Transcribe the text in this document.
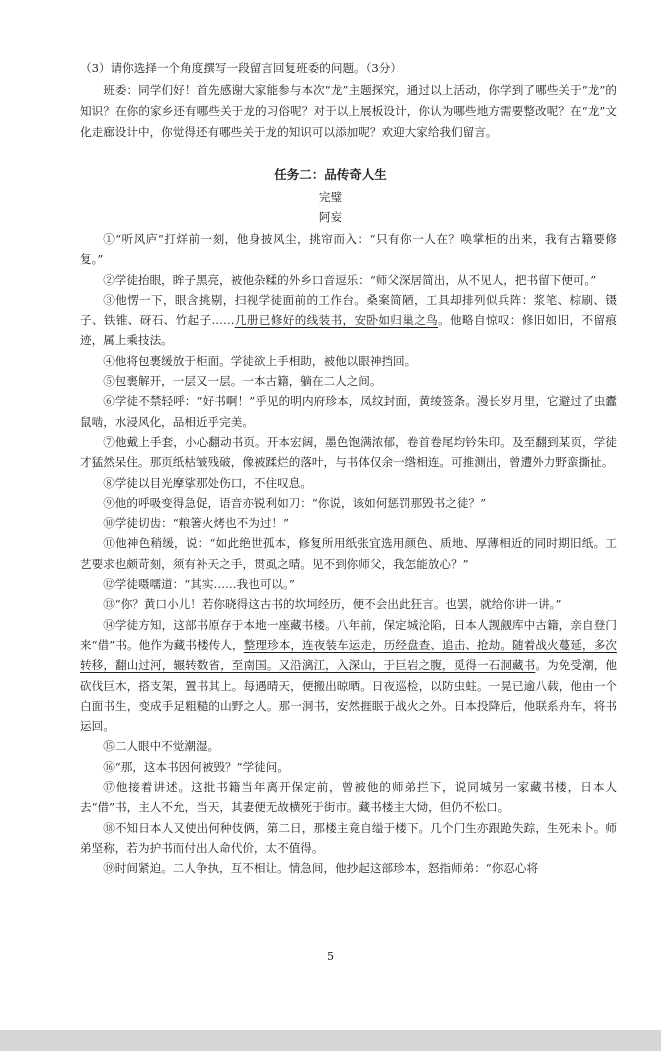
（3）请你选择一个角度撰写一段留言回复班委的问题。（3分）

班委：同学们好！首先感谢大家能参与本次“龙”主题探究，通过以上活动，你学到了哪些关于“龙”的知识？在你的家乡还有哪些关于龙的习俗呢？对于以上展板设计，你认为哪些地方需要整改呢？在“龙”文化走廊设计中，你觉得还有哪些关于龙的知识可以添加呢？欢迎大家给我们留言。

任务二：品传奇人生
完璧
阿妄

①“听风庐”打烊前一刻，他身披风尘，挑帘而入：“只有你一人在？唤掌柜的出来，我有古籍要修复。”

②学徒抬眼，眸子黑亮，被他杂糅的外乡口音逗乐：“师父深居简出，从不见人，把书留下便可。”

③他愣一下，眼含挑剔，扫视学徒面前的工作台。桑案简陋，工具却排列似兵阵：浆笔、棕刷、镊子、铁锥、砑石、竹起子……几册已修好的线装书，安卧如归巢之鸟。他略自惊叹：修旧如旧，不留痕迹，属上乘技法。

④他将包裹缓放于柜面。学徒欲上手相助，被他以眼神挡回。

⑤包裹解开，一层又一层。一本古籍，躺在二人之间。

⑥学徒不禁轻呼：“好书啊！”乎见的明内府珍本，凤纹封面，黄绫签条。漫长岁月里，它避过了虫蠹鼠啮，水浸风化，品相近乎完美。

⑦他戴上手套，小心翻动书页。开本宏阔，墨色饱满浓郁，卷首卷尾均钤朱印。及至翻到某页，学徒才猛然呆住。那页纸枯皱残破，像被蹂烂的落叶，与书体仅余一绺相连。可推测出，曾遭外力野蛮撕扯。

⑧学徒以目光摩挲那处伤口，不住叹息。

⑨他的呼吸变得急促，语音亦锐利如刀：“你说，该如何惩罚那毁书之徒？”

⑩学徒切齿：“粮箸火烤也不为过！”

⑪他神色稍缓，说：“如此绝世孤本，修复所用纸张宜选用颜色、质地、厚薄相近的同时期旧纸。工艺要求也颇苛刻，须有补天之手，贯虱之晴。见不到你师父，我怎能放心？”

⑫学徒嗫嚅道：“其实……我也可以。”

⑬“你？黄口小儿！若你晓得这古书的坎坷经历，便不会出此狂言。也罢，就给你讲一讲。”

⑭学徒方知，这部书原存于本地一座藏书楼。八年前，保定城沦陷，日本人觊觎库中古籍，亲自登门来“借”书。他作为藏书楼传人，整理珍本，连夜装车运走，历经盘查、追击、抢劫。随着战火蔓延，多次转移，翻山过河，辗转数省，至南国。又沿漓江，入深山，于巨岩之腹，觅得一石洞藏书。为免受潮，他砍伐巨木，搭支架，置书其上。每遇晴天，便搬出晾晒。日夜巡检，以防虫蛀。一晃已逾八载，他由一个白面书生，变成手足粗糙的山野之人。那一洞书，安然捱眠于战火之外。日本投降后，他联系舟车，将书运回。

⑮二人眼中不觉潮湿。

⑯“那，这本书因何被毁？”学徒问。

⑰他接着讲述。这批书籍当年离开保定前，曾被他的师弟拦下，说同城另一家藏书楼，日本人去“借”书，主人不允，当天，其妻便无故横死于街市。藏书楼主大恸，但仍不松口。

⑱不知日本人又使出何种伎俩，第二日，那楼主竟自缢于楼下。几个门生亦跟跄失踪，生死未卜。师弟坚称，若为护书而付出人命代价，太不值得。

⑲时间紧迫。二人争执，互不相让。情急间，他抄起这部珍本，怒指师弟：“你忍心将

5
